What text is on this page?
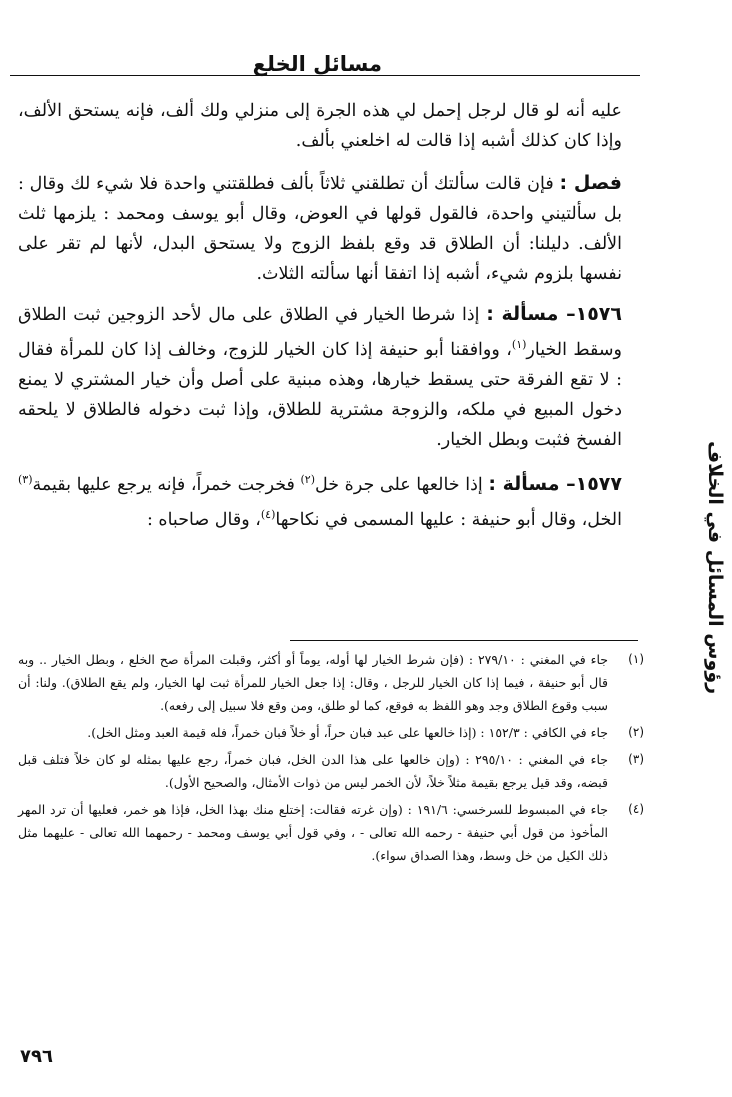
مسائل الخلع
رؤوس المسائل في الخلاف

عليه أنه لو قال لرجل إحمل لي هذه الجرة إلى منزلي ولك ألف، فإنه يستحق الألف، وإذا كان كذلك أشبه إذا قالت له اخلعني بألف.

فصل : فإن قالت سألتك أن تطلقني ثلاثاً بألف فطلقتني واحدة فلا شيء لك وقال : بل سألتيني واحدة، فالقول قولها في العوض، وقال أبو يوسف ومحمد : يلزمها ثلث الألف. دليلنا: أن الطلاق قد وقع بلفظ الزوج ولا يستحق البدل، لأنها لم تقر على نفسها بلزوم شيء، أشبه إذا اتفقا أنها سألته الثلاث.

١٥٧٦– مسألة : إذا شرطا الخيار في الطلاق على مال لأحد الزوجين ثبت الطلاق وسقط الخيار$^{(١)}$، ووافقنا أبو حنيفة إذا كان الخيار للزوج، وخالف إذا كان للمرأة فقال : لا تقع الفرقة حتى يسقط خيارها، وهذه مبنية على أصل وأن خيار المشتري لا يمنع دخول المبيع في ملكه، والزوجة مشترية للطلاق، وإذا ثبت دخوله فالطلاق لا يلحقه الفسخ فثبت وبطل الخيار.

١٥٧٧– مسألة : إذا خالعها على جرة خل$^{(٢)}$ فخرجت خمراً، فإنه يرجع عليها بقيمة$^{(٣)}$ الخل، وقال أبو حنيفة : عليها المسمى في نكاحها$^{(٤)}$، وقال صاحباه :

(١)
جاء في المغني : ٢٧٩/١٠ : (فإن شرط الخيار لها أوله، يوماً أو أكثر، وقبلت المرأة صح الخلع ، وبطل الخيار .. وبه قال أبو حنيفة ، فيما إذا كان الخيار للرجل ، وقال: إذا جعل الخيار للمرأة ثبت لها الخيار، ولم يقع الطلاق). ولنا: أن سبب وقوع الطلاق وجد وهو اللفظ به فوقع، كما لو طلق، ومن وقع فلا سبيل إلى رفعه).
(٢)
جاء في الكافي : ١٥٢/٣ : (إذا خالعها على عبد فبان حراً، أو خلاً فبان خمراً، فله قيمة العبد ومثل الخل).
(٣)
جاء في المغني : ٢٩٥/١٠ : (وإن خالعها على هذا الدن الخل، فبان خمراً، رجع عليها بمثله لو كان خلاً فتلف قبل قبضه، وقد قيل يرجع بقيمة مثلاً خلاً، لأن الخمر ليس من ذوات الأمثال، والصحيح الأول).
(٤)
جاء في المبسوط للسرخسي: ١٩١/٦ : (وإن غرته فقالت: إختلع منك بهذا الخل، فإذا هو خمر، فعليها أن ترد المهر المأخوذ من قول أبي حنيفة - رحمه الله تعالى - ، وفي قول أبي يوسف ومحمد - رحمهما الله تعالى - عليهما مثل ذلك الكيل من خل وسط، وهذا الصداق سواء).
٧٩٦
